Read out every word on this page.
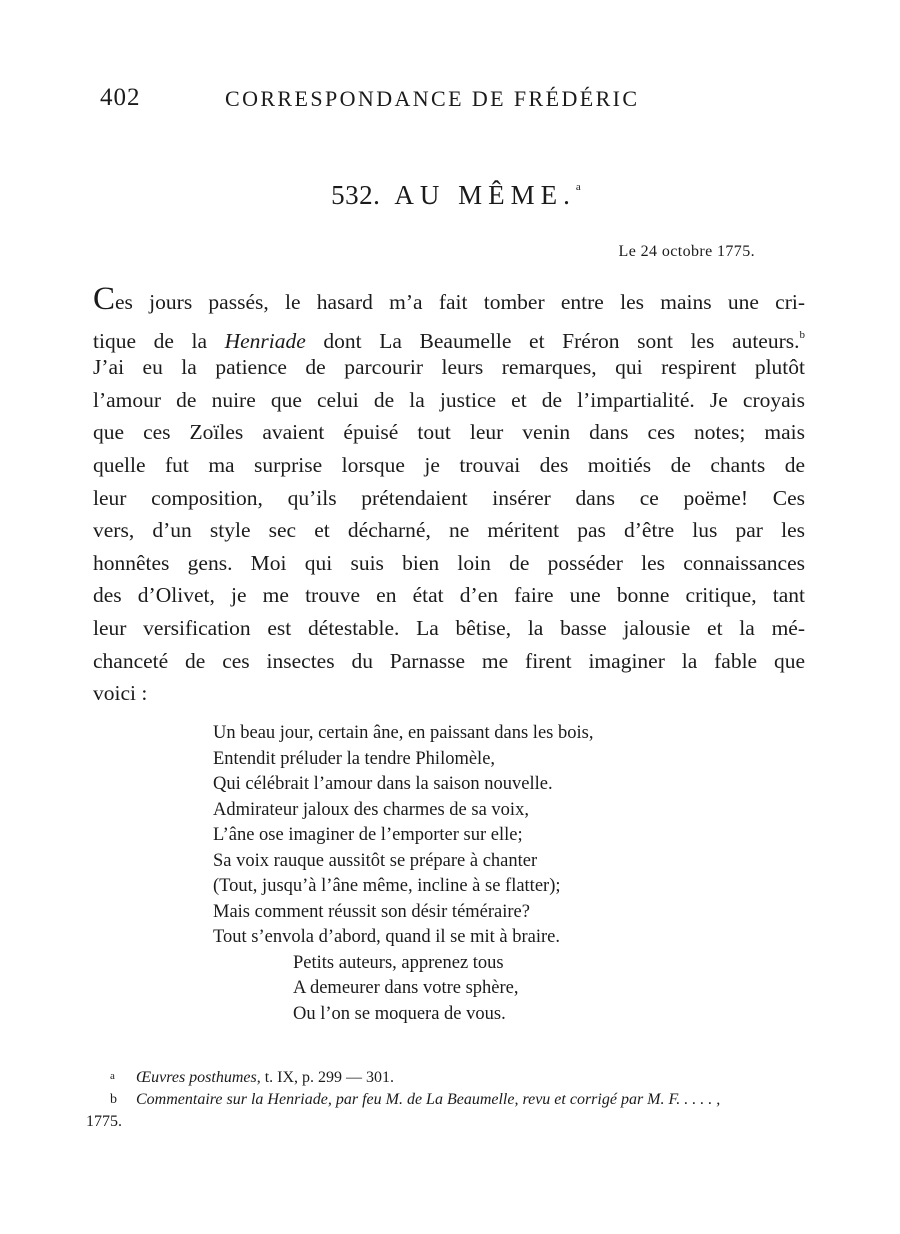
402	CORRESPONDANCE DE FRÉDÉRIC
532. AU MÊME.$^a$
Le 24 octobre 1775.
Ces jours passés, le hasard m’a fait tomber entre les mains une cri-
tique de la Henriade dont La Beaumelle et Fréron sont les auteurs.$^b$
J’ai eu la patience de parcourir leurs remarques, qui respirent plutôt
l’amour de nuire que celui de la justice et de l’impartialité. Je croyais
que ces Zoïles avaient épuisé tout leur venin dans ces notes; mais
quelle fut ma surprise lorsque je trouvai des moitiés de chants de
leur composition, qu’ils prétendaient insérer dans ce poëme! Ces
vers, d’un style sec et décharné, ne méritent pas d’être lus par les
honnêtes gens. Moi qui suis bien loin de posséder les connaissances
des d’Olivet, je me trouve en état d’en faire une bonne critique, tant
leur versification est détestable. La bêtise, la basse jalousie et la mé-
chanceté de ces insectes du Parnasse me firent imaginer la fable que
voici :
Un beau jour, certain âne, en paissant dans les bois,
Entendit préluder la tendre Philomèle,
Qui célébrait l’amour dans la saison nouvelle.
Admirateur jaloux des charmes de sa voix,
L’âne ose imaginer de l’emporter sur elle;
Sa voix rauque aussitôt se prépare à chanter
(Tout, jusqu’à l’âne même, incline à se flatter);
Mais comment réussit son désir téméraire?
Tout s’envola d’abord, quand il se mit à braire.
Petits auteurs, apprenez tous
A demeurer dans votre sphère,
Ou l’on se moquera de vous.
a Œuvres posthumes, t. IX, p. 299 — 301.
b Commentaire sur la Henriade, par feu M. de La Beaumelle, revu et corrigé par M. F. . . . . ,
1775.
